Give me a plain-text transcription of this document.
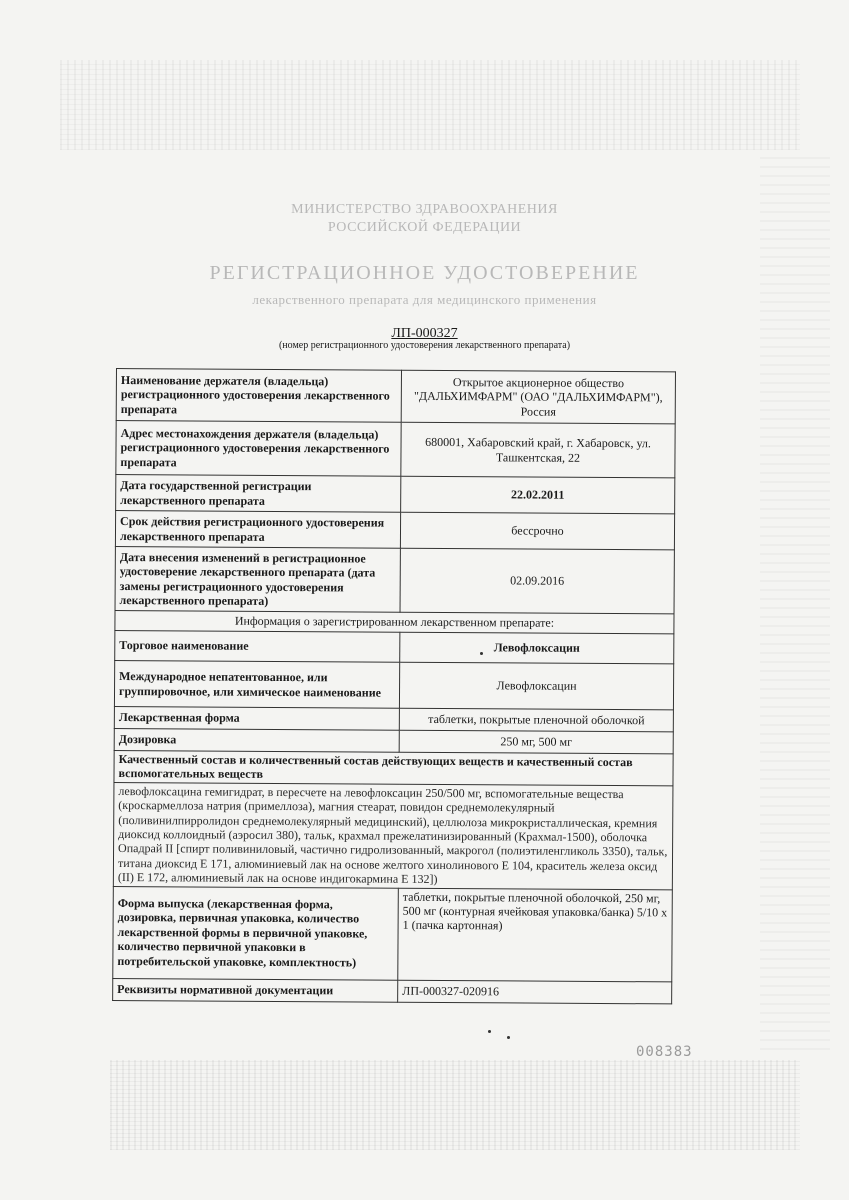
МИНИСТЕРСТВО ЗДРАВООХРАНЕНИЯ
РОССИЙСКОЙ ФЕДЕРАЦИИ
РЕГИСТРАЦИОННОЕ УДОСТОВЕРЕНИЕ
лекарственного препарата для медицинского применения
ЛП-000327
(номер регистрационного удостоверения лекарственного препарата)
Наименование держателя (владельца) регистрационного удостоверения лекарственного препарата	Открытое акционерное общество "ДАЛЬХИМФАРМ" (ОАО "ДАЛЬХИМФАРМ"), Россия
Адрес местонахождения держателя (владельца) регистрационного удостоверения лекарственного препарата	680001, Хабаровский край, г. Хабаровск, ул. Ташкентская, 22
Дата государственной регистрации лекарственного препарата	22.02.2011
Срок действия регистрационного удостоверения лекарственного препарата	бессрочно
Дата внесения изменений в регистрационное удостоверение лекарственного препарата (дата замены регистрационного удостоверения лекарственного препарата)	02.09.2016
Информация о зарегистрированном лекарственном препарате:	
Торговое наименование	Левофлоксацин
Международное непатентованное, или группировочное, или химическое наименование	Левофлоксацин
Лекарственная форма	таблетки, покрытые пленочной оболочкой
Дозировка	250 мг, 500 мг
Качественный состав и количественный состав действующих веществ и качественный состав вспомогательных веществ	
левофлоксацина гемигидрат, в пересчете на левофлоксацин 250/500 мг, вспомогательные вещества (кроскармеллоза натрия (примеллоза), магния стеарат, повидон среднемолекулярный (поливинилпирролидон среднемолекулярный медицинский), целлюлоза микрокристаллическая, кремния диоксид коллоидный (аэросил 380), тальк, крахмал прежелатинизированный (Крахмал-1500), оболочка Опадрай II [спирт поливиниловый, частично гидролизованный, макрогол (полиэтиленгликоль 3350), тальк, титана диоксид Е 171, алюминиевый лак на основе желтого хинолинового Е 104, краситель железа оксид (II) Е 172, алюминиевый лак на основе индигокармина Е 132])	
Форма выпуска (лекарственная форма, дозировка, первичная упаковка, количество лекарственной формы в первичной упаковке, количество первичной упаковки в потребительской упаковке, комплектность)	таблетки, покрытые пленочной оболочкой, 250 мг, 500 мг (контурная ячейковая упаковка/банка) 5/10 х 1 (пачка картонная)
Реквизиты нормативной документации	ЛП-000327-020916
008383
